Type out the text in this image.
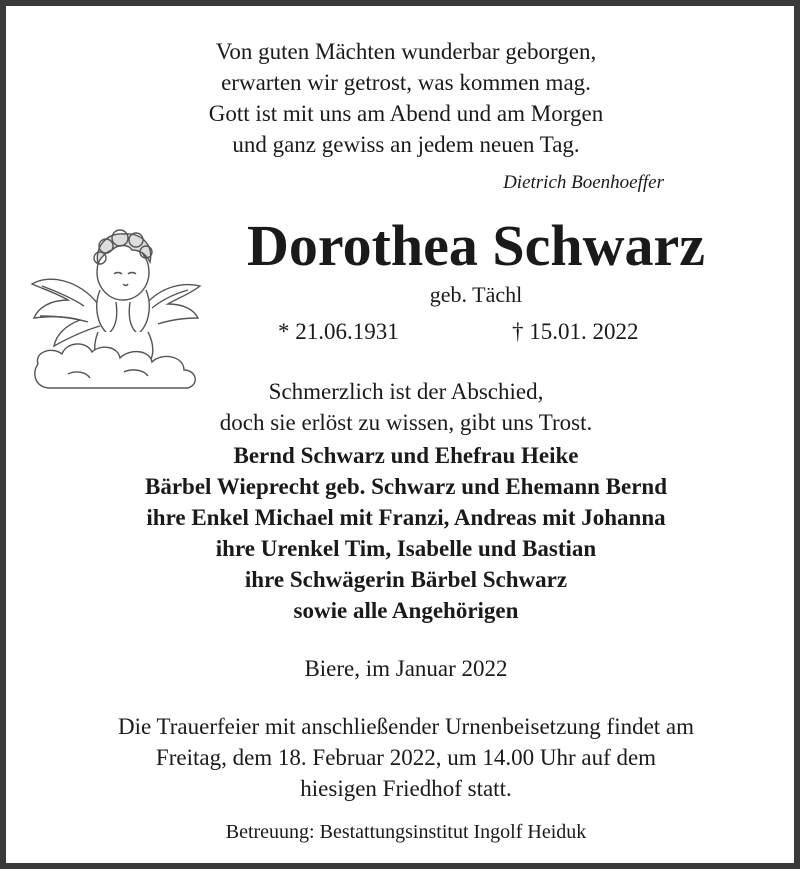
Von guten Mächten wunderbar geborgen,
erwarten wir getrost, was kommen mag.
Gott ist mit uns am Abend und am Morgen
und ganz gewiss an jedem neuen Tag.
Dietrich Boenhoeffer
Dorothea Schwarz
geb. Tächl
* 21.06.1931	† 15.01. 2022
Schmerzlich ist der Abschied,
doch sie erlöst zu wissen, gibt uns Trost.
Bernd Schwarz und Ehefrau Heike
Bärbel Wieprecht geb. Schwarz und Ehemann Bernd
ihre Enkel Michael mit Franzi, Andreas mit Johanna
ihre Urenkel Tim, Isabelle und Bastian
ihre Schwägerin Bärbel Schwarz
sowie alle Angehörigen
Biere, im Januar 2022
Die Trauerfeier mit anschließender Urnenbeisetzung findet am
Freitag, dem 18. Februar 2022, um 14.00 Uhr auf dem
hiesigen Friedhof statt.
Betreuung: Bestattungsinstitut Ingolf Heiduk
